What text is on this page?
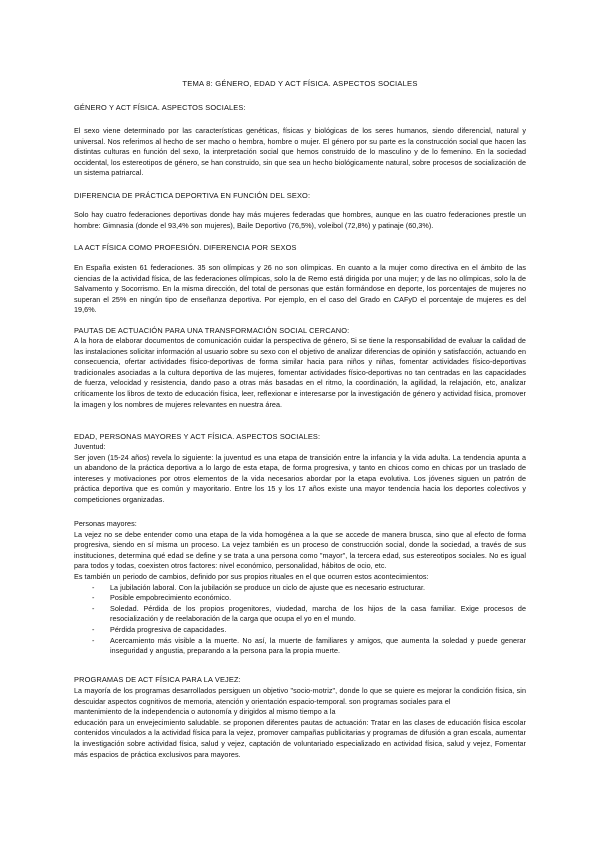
TEMA 8: GÉNERO, EDAD Y ACT FÍSICA. ASPECTOS SOCIALES
GÉNERO Y ACT FÍSICA. ASPECTOS SOCIALES:

El sexo viene determinado por las características genéticas, físicas y biológicas de los seres humanos, siendo diferencial, natural y universal. Nos referimos al hecho de ser macho o hembra, hombre o mujer. El género por su parte es la construcción social que hacen las distintas culturas en función del sexo, la interpretación social que hemos construido de lo masculino y de lo femenino. En la sociedad occidental, los estereotipos de género, se han construido, sin que sea un hecho biológicamente natural, sobre procesos de socialización de un sistema patriarcal.

DIFERENCIA DE PRÁCTICA DEPORTIVA EN FUNCIÓN DEL SEXO:

Solo hay cuatro federaciones deportivas donde hay más mujeres federadas que hombres, aunque en las cuatro federaciones prestle un hombre: Gimnasia (donde el 93,4% son mujeres), Baile Deportivo (76,5%), voleibol (72,8%) y patinaje (60,3%).

LA ACT FÍSICA COMO PROFESIÓN. DIFERENCIA POR SEXOS

En España existen 61 federaciones. 35 son olímpicas y 26 no son olímpicas. En cuanto a la mujer como directiva en el ámbito de las ciencias de la actividad física, de las federaciones olímpicas, solo la de Remo está dirigida por una mujer; y de las no olímpicas, solo la de Salvamento y Socorrismo. En la misma dirección, del total de personas que están formándose en deporte, los porcentajes de mujeres no superan el 25% en ningún tipo de enseñanza deportiva. Por ejemplo, en el caso del Grado en CAFyD el porcentaje de mujeres es del 19,6%.

PAUTAS DE ACTUACIÓN PARA UNA TRANSFORMACIÓN SOCIAL CERCANO:

A la hora de elaborar documentos de comunicación cuidar la perspectiva de género, Si se tiene la responsabilidad de evaluar la calidad de las instalaciones solicitar información al usuario sobre su sexo con el objetivo de analizar diferencias de opinión y satisfacción, actuando en consecuencia, ofertar actividades físico-deportivas de forma similar hacia para niños y niñas, fomentar actividades físico-deportivas tradicionales asociadas a la cultura deportiva de las mujeres, fomentar actividades físico-deportivas no tan centradas en las capacidades de fuerza, velocidad y resistencia, dando paso a otras más basadas en el ritmo, la coordinación, la agilidad, la relajación, etc, analizar críticamente los libros de texto de educación física, leer, reflexionar e interesarse por la investigación de género y actividad física, promover la imagen y los nombres de mujeres relevantes en nuestra área.

EDAD, PERSONAS MAYORES Y ACT FÍSICA. ASPECTOS SOCIALES:

Juventud:

Ser joven (15-24 años) revela lo siguiente: la juventud es una etapa de transición entre la infancia y la vida adulta. La tendencia apunta a un abandono de la práctica deportiva a lo largo de esta etapa, de forma progresiva, y tanto en chicos como en chicas por un traslado de intereses y motivaciones por otros elementos de la vida necesarios abordar por la etapa evolutiva. Los jóvenes siguen un patrón de práctica deportiva que es común y mayoritario. Entre los 15 y los 17 años existe una mayor tendencia hacia los deportes colectivos y competiciones organizadas.

Personas mayores:

La vejez no se debe entender como una etapa de la vida homogénea a la que se accede de manera brusca, sino que al efecto de forma progresiva, siendo en sí misma un proceso. La vejez también es un proceso de construcción social, donde la sociedad, a través de sus instituciones, determina qué edad se define y se trata a una persona como "mayor", la tercera edad, sus estereotipos sociales. No es igual para todos y todas, coexisten otros factores: nivel económico, personalidad, hábitos de ocio, etc.

Es también un periodo de cambios, definido por sus propios rituales en el que ocurren estos acontecimientos:

- La jubilación laboral. Con la jubilación se produce un ciclo de ajuste que es necesario estructurar.
- Posible empobrecimiento económico.
- Soledad. Pérdida de los propios progenitores, viudedad, marcha de los hijos de la casa familiar. Exige procesos de resocialización y de reelaboración de la carga que ocupa el yo en el mundo.
- Pérdida progresiva de capacidades.
- Acercamiento más visible a la muerte. No así, la muerte de familiares y amigos, que aumenta la soledad y puede generar inseguridad y angustia, preparando a la persona para la propia muerte.
PROGRAMAS DE ACT FÍSICA PARA LA VEJEZ:

La mayoría de los programas desarrollados persiguen un objetivo "socio-motriz", donde lo que se quiere es mejorar la condición física, sin descuidar aspectos cognitivos de memoria, atención y orientación espacio-temporal. son programas sociales para el

mantenimiento de la independencia o autonomía y dirigidos al mismo tiempo a la

educación para un envejecimiento saludable. se proponen diferentes pautas de actuación: Tratar en las clases de educación física escolar contenidos vinculados a la actividad física para la vejez, promover campañas publicitarias y programas de difusión a gran escala, aumentar la investigación sobre actividad física, salud y vejez, captación de voluntariado especializado en actividad física, salud y vejez, Fomentar más espacios de práctica exclusivos para mayores.
